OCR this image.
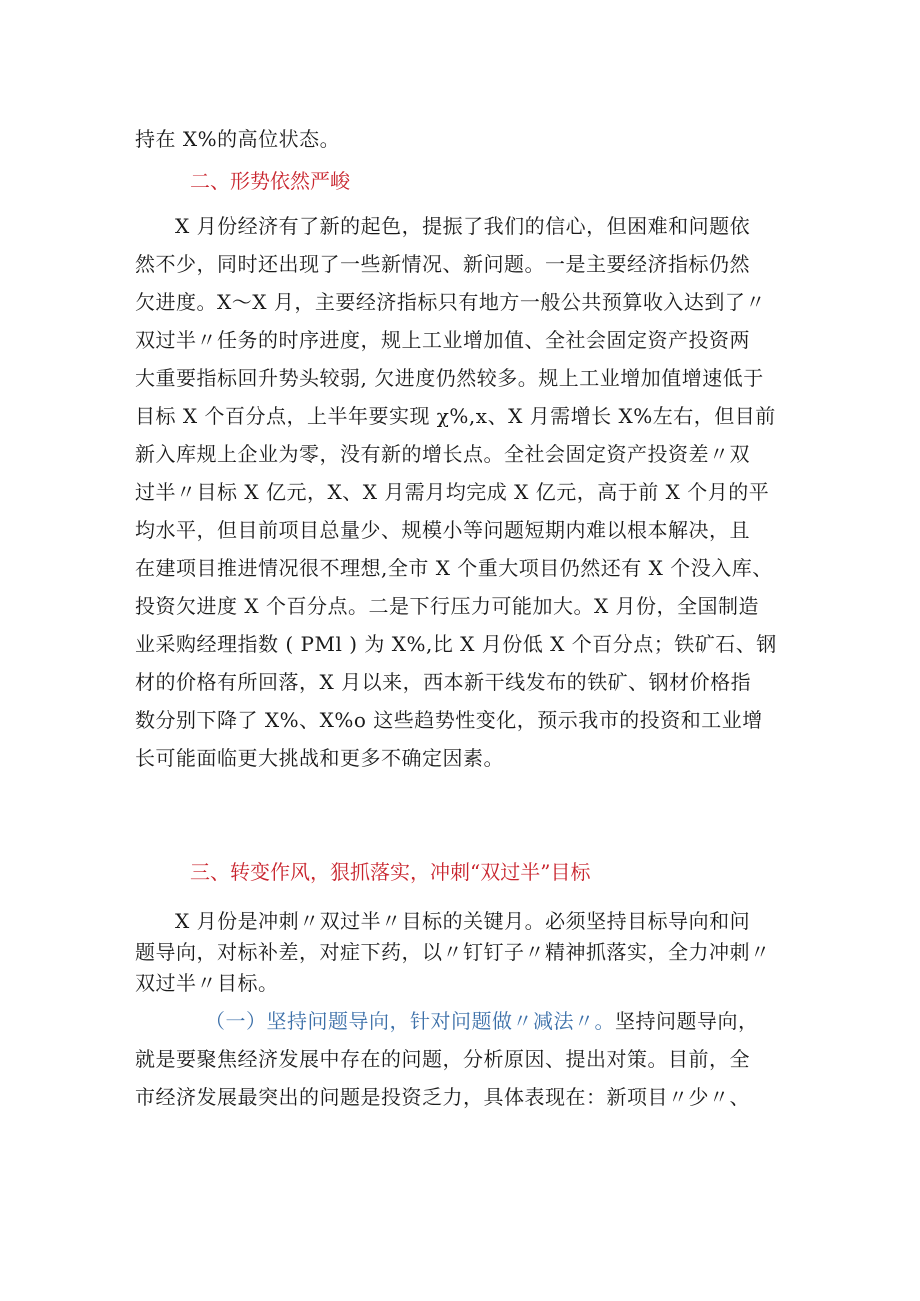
持在 X%的高位状态。
二、形势依然严峻
X 月份经济有了新的起色，提振了我们的信心，但困难和问题依
然不少，同时还出现了一些新情况、新问题。一是主要经济指标仍然
欠进度。X〜X 月，主要经济指标只有地方一般公共预算收入达到了〃
双过半〃任务的时序进度，规上工业增加值、全社会固定资产投资两
大重要指标回升势头较弱, 欠进度仍然较多。规上工业增加值增速低于
目标 X 个百分点，上半年要实现 χ%,x、X 月需增长 X%左右，但目前
新入库规上企业为零，没有新的增长点。全社会固定资产投资差〃双
过半〃目标 X 亿元，X、X 月需月均完成 X 亿元，高于前 X 个月的平
均水平，但目前项目总量少、规模小等问题短期内难以根本解决，且
在建项目推进情况很不理想,全市 X 个重大项目仍然还有 X 个没入库、
投资欠进度 X 个百分点。二是下行压力可能加大。X 月份，全国制造
业采购经理指数 ( PMl ) 为 X%,比 X 月份低 X 个百分点；铁矿石、钢
材的价格有所回落，X 月以来，西本新干线发布的铁矿、钢材价格指
数分别下降了 X%、X%o 这些趋势性变化，预示我市的投资和工业增
长可能面临更大挑战和更多不确定因素。
三、转变作风，狠抓落实，冲刺“双过半”目标
X 月份是冲刺〃双过半〃目标的关键月。必须坚持目标导向和问
题导向，对标补差，对症下药，以〃钉钉子〃精神抓落实，全力冲刺〃
双过半〃目标。
（一）坚持问题导向，针对问题做〃减法〃。坚持问题导向，
就是要聚焦经济发展中存在的问题，分析原因、提出对策。目前，全
市经济发展最突出的问题是投资乏力，具体表现在：新项目〃少〃、
